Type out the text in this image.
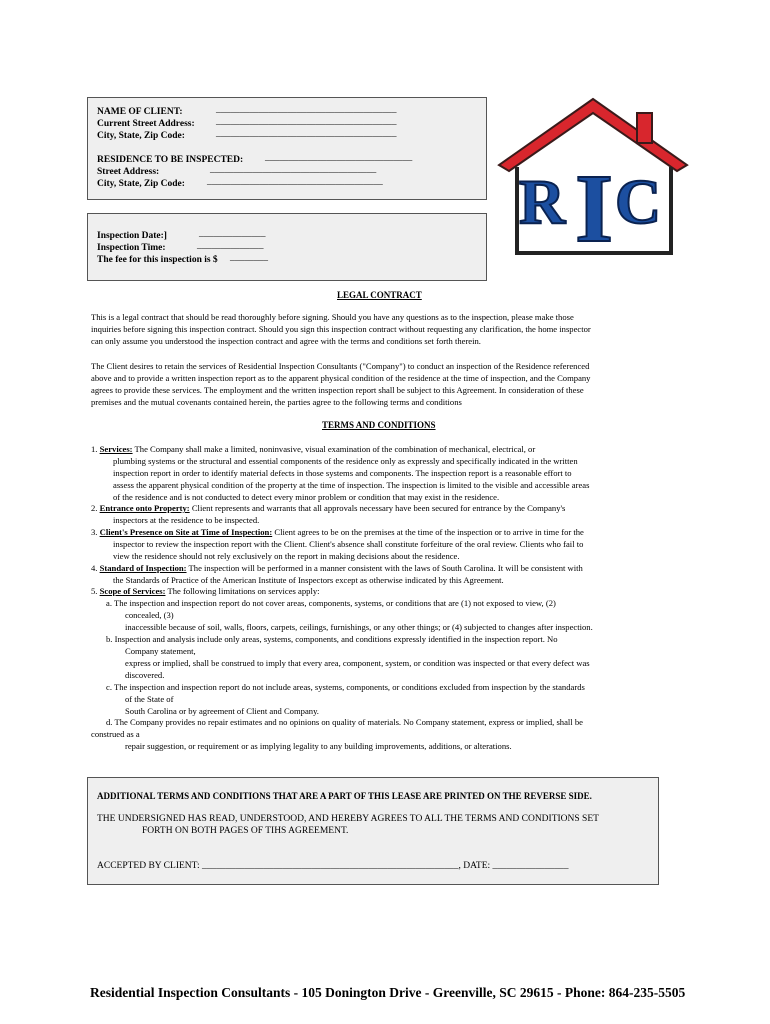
NAME OF CLIENT:	______________________________________
Current Street Address: ______________________________________
City, State, Zip Code:	______________________________________
RESIDENCE TO BE INSPECTED: _______________________________
Street Address:	___________________________________
City, State, Zip Code: _____________________________________
Inspection Date:]	______________
Inspection Time:	______________
The fee for this inspection is $ ________
R I C
LEGAL CONTRACT
This is a legal contract that should be read thoroughly before signing. Should you have any questions as to the inspection, please make those
inquiries before signing this inspection contract. Should you sign this inspection contract without requesting any clarification, the home inspector
can only assume you understood the inspection contract and agree with the terms and conditions set forth therein.
The Client desires to retain the services of Residential Inspection Consultants ("Company") to conduct an inspection of the Residence referenced
above and to provide a written inspection report as to the apparent physical condition of the residence at the time of inspection, and the Company
agrees to provide these services. The employment and the written inspection report shall be subject to this Agreement. In consideration of these
premises and the mutual covenants contained herein, the parties agree to the following terms and conditions
TERMS AND CONDITIONS
1. Services: The Company shall make a limited, noninvasive, visual examination of the combination of mechanical, electrical, or
plumbing systems or the structural and essential components of the residence only as expressly and specifically indicated in the written
inspection report in order to identify material defects in those systems and components. The inspection report is a reasonable effort to
assess the apparent physical condition of the property at the time of inspection. The inspection is limited to the visible and accessible areas
of the residence and is not conducted to detect every minor problem or condition that may exist in the residence.
2. Entrance onto Property: Client represents and warrants that all approvals necessary have been secured for entrance by the Company's
inspectors at the residence to be inspected.
3. Client's Presence on Site at Time of Inspection: Client agrees to be on the premises at the time of the inspection or to arrive in time for the
inspector to review the inspection report with the Client. Client's absence shall constitute forfeiture of the oral review. Clients who fail to
view the residence should not rely exclusively on the report in making decisions about the residence.
4. Standard of Inspection: The inspection will be performed in a manner consistent with the laws of South Carolina. It will be consistent with
the Standards of Practice of the American Institute of Inspectors except as otherwise indicated by this Agreement.
5. Scope of Services: The following limitations on services apply:
a. The inspection and inspection report do not cover areas, components, systems, or conditions that are (1) not exposed to view, (2)
concealed, (3)
inaccessible because of soil, walls, floors, carpets, ceilings, furnishings, or any other things; or (4) subjected to changes after inspection.
b. Inspection and analysis include only areas, systems, components, and conditions expressly identified in the inspection report. No
Company statement,
express or implied, shall be construed to imply that every area, component, system, or condition was inspected or that every defect was
discovered.
c. The inspection and inspection report do not include areas, systems, components, or conditions excluded from inspection by the standards
of the State of
South Carolina or by agreement of Client and Company.
d. The Company provides no repair estimates and no opinions on quality of materials. No Company statement, express or implied, shall be
construed as a
repair suggestion, or requirement or as implying legality to any building improvements, additions, or alterations.
ADDITIONAL TERMS AND CONDITIONS THAT ARE A PART OF THIS LEASE ARE PRINTED ON THE REVERSE SIDE.
THE UNDERSIGNED HAS READ, UNDERSTOOD, AND HEREBY AGREES TO ALL THE TERMS AND CONDITIONS SET
FORTH ON BOTH PAGES OF TIHS AGREEMENT.
ACCEPTED BY CLIENT: ______________________________________________________, DATE: ________________
Residential Inspection Consultants - 105 Donington Drive - Greenville, SC 29615 - Phone: 864-235-5505
